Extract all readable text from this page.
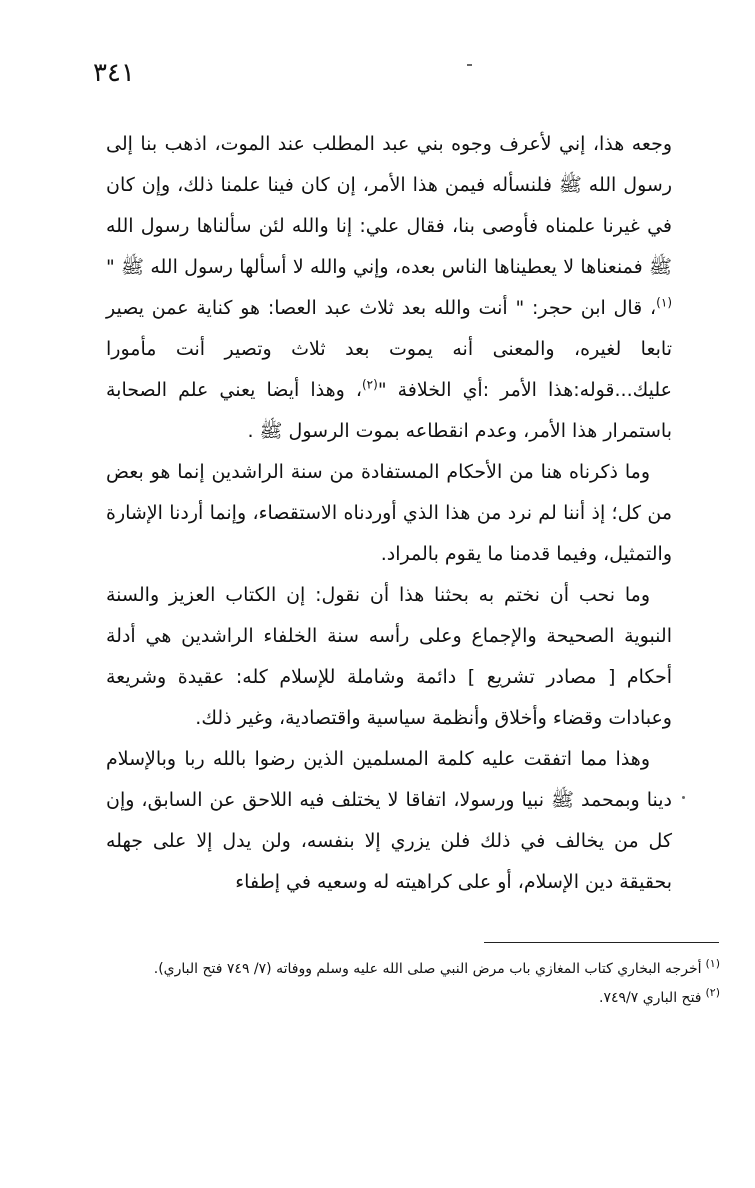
٣٤١

وجعه هذا، إني لأعرف وجوه بني عبد المطلب عند الموت، اذهب بنا إلى رسول الله ﷺ فلنسأله فيمن هذا الأمر، إن كان فينا علمنا ذلك، وإن كان في غيرنا علمناه فأوصى بنا، فقال علي: إنا والله لئن سألناها رسول الله ﷺ فمنعناها لا يعطيناها الناس بعده، وإني والله لا أسألها رسول الله ﷺ "$^{(١)}$، قال ابن حجر: " أنت والله بعد ثلاث عبد العصا: هو كناية عمن يصير تابعا لغيره، والمعنى أنه يموت بعد ثلاث وتصير أنت مأمورا عليك...قوله:هذا الأمر :أي الخلافة "$^{(٢)}$، وهذا أيضا يعني علم الصحابة باستمرار هذا الأمر، وعدم انقطاعه بموت الرسول ﷺ .

وما ذكرناه هنا من الأحكام المستفادة من سنة الراشدين إنما هو بعض من كل؛ إذ أننا لم نرد من هذا الذي أوردناه الاستقصاء، وإنما أردنا الإشارة والتمثيل، وفيما قدمنا ما يقوم بالمراد.

وما نحب أن نختم به بحثنا هذا أن نقول: إن الكتاب العزيز والسنة النبوية الصحيحة والإجماع وعلى رأسه سنة الخلفاء الراشدين هي أدلة أحكام [ مصادر تشريع ] دائمة وشاملة للإسلام كله: عقيدة وشريعة وعبادات وقضاء وأخلاق وأنظمة سياسية واقتصادية، وغير ذلك.

وهذا مما اتفقت عليه كلمة المسلمين الذين رضوا بالله ربا وبالإسلام دينا وبمحمد ﷺ نبيا ورسولا، اتفاقا لا يختلف فيه اللاحق عن السابق، وإن كل من يخالف في ذلك فلن يزري إلا بنفسه، ولن يدل إلا على جهله بحقيقة دين الإسلام، أو على كراهيته له وسعيه في إطفاء

$^{(١)}$أخرجه البخاري كتاب المغازي باب مرض النبي صلى الله عليه وسلم ووفاته (٧/ ٧٤٩ فتح الباري).

$^{(٢)}$فتح الباري ٧٤٩/٧.
